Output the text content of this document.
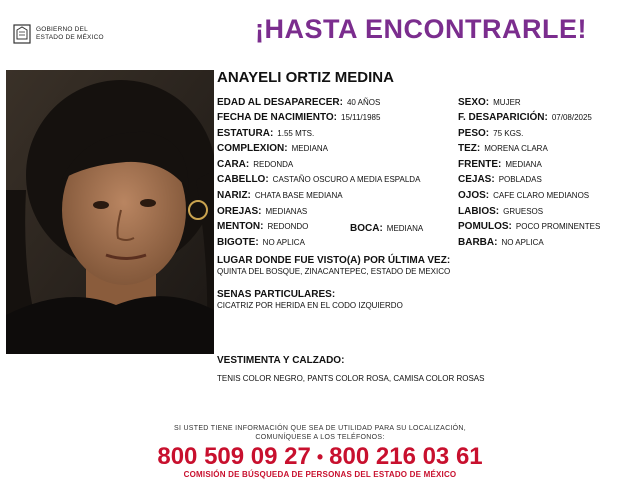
GOBIERNO DEL
ESTADO DE MÉXICO	¡HASTA ENCONTRARLE!
ANAYELI ORTIZ MEDINA
EDAD AL DESAPARECER: 40 AÑOS
FECHA DE NACIMIENTO: 15/11/1985
ESTATURA: 1.55 MTS.
COMPLEXION: MEDIANA
CARA: REDONDA
CABELLO: CASTAÑO OSCURO A MEDIA ESPALDA
NARIZ: CHATA BASE MEDIANA
OREJAS: MEDIANAS
MENTON: REDONDO	BOCA: MEDIANA
BIGOTE: NO APLICA
SEXO: MUJER
F. DESAPARICIÓN: 07/08/2025
PESO: 75 KGS.
TEZ: MORENA CLARA
FRENTE: MEDIANA
CEJAS: POBLADAS
OJOS: CAFE CLARO MEDIANOS
LABIOS: GRUESOS
POMULOS: POCO PROMINENTES
BARBA: NO APLICA
LUGAR DONDE FUE VISTO(A) POR ÚLTIMA VEZ:
QUINTA DEL BOSQUE, ZINACANTEPEC, ESTADO DE MEXICO
SENAS PARTICULARES:
CICATRIZ POR HERIDA EN EL CODO IZQUIERDO
VESTIMENTA Y CALZADO:
TENIS COLOR NEGRO, PANTS COLOR ROSA, CAMISA COLOR ROSAS
SI USTED TIENE INFORMACIÓN QUE SEA DE UTILIDAD PARA SU LOCALIZACIÓN,
COMUNÍQUESE A LOS TELÉFONOS:
800 509 09 27 • 800 216 03 61
COMISIÓN DE BÚSQUEDA DE PERSONAS DEL ESTADO DE MÉXICO
